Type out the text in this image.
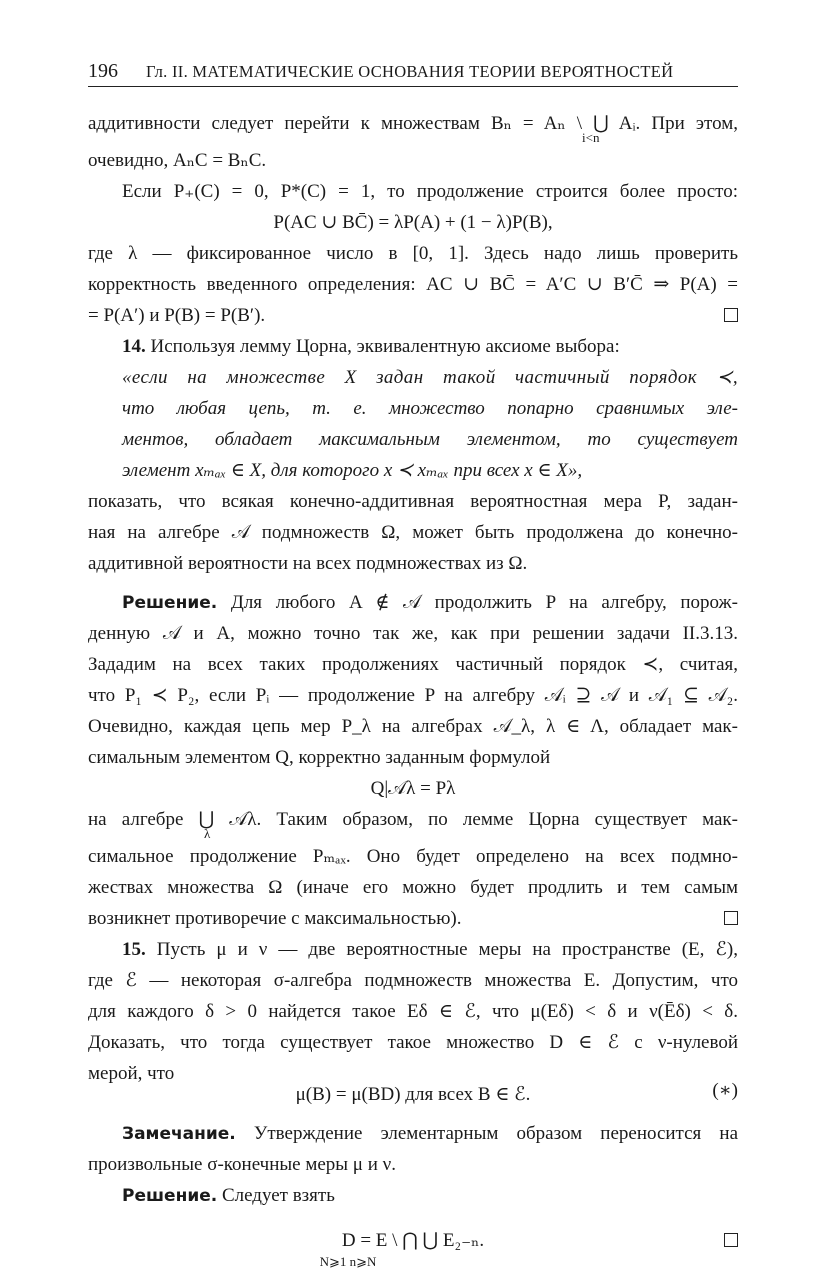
196 Гл. II. МАТЕМАТИЧЕСКИЕ ОСНОВАНИЯ ТЕОРИИ ВЕРОЯТНОСТЕЙ
аддитивности следует перейти к множествам Bₙ = Aₙ \ ⋃ Aᵢ. При этом,
i<n
очевидно, AₙC = BₙC.
Если P₊(C) = 0, P*(C) = 1, то продолжение строится более просто:
P(AC ∪ BC̄) = λP(A) + (1 − λ)P(B),
где λ — фиксированное число в [0, 1]. Здесь надо лишь проверить
корректность введенного определения: AC ∪ BC̄ = A′C ∪ B′C̄ ⇒ P(A) =
= P(A′) и P(B) = P(B′).
14. Используя лемму Цорна, эквивалентную аксиоме выбора:
«если на множестве X задан такой частичный порядок ≺,
что любая цепь, т. е. множество попарно сравнимых эле-
ментов, обладает максимальным элементом, то существует
элемент xₘₐₓ ∈ X, для которого x ≺ xₘₐₓ при всех x ∈ X»,
показать, что всякая конечно-аддитивная вероятностная мера P, задан-
ная на алгебре 𝒜 подмножеств Ω, может быть продолжена до конечно-
аддитивной вероятности на всех подмножествах из Ω.
Решение. Для любого A ∉ 𝒜 продолжить P на алгебру, порож-
денную 𝒜 и A, можно точно так же, как при решении задачи II.3.13.
Зададим на всех таких продолжениях частичный порядок ≺, считая,
что P₁ ≺ P₂, если Pᵢ — продолжение P на алгебру 𝒜ᵢ ⊇ 𝒜 и 𝒜₁ ⊆ 𝒜₂.
Очевидно, каждая цепь мер P_λ на алгебрах 𝒜_λ, λ ∈ Λ, обладает мак-
симальным элементом Q, корректно заданным формулой
Q|𝒜λ = Pλ
на алгебре ⋃ 𝒜λ. Таким образом, по лемме Цорна существует мак-
λ
симальное продолжение Pₘₐₓ. Оно будет определено на всех подмно-
жествах множества Ω (иначе его можно будет продлить и тем самым
возникнет противоречие с максимальностью).
15. Пусть μ и ν — две вероятностные меры на пространстве (E, ℰ),
где ℰ — некоторая σ-алгебра подмножеств множества E. Допустим, что
для каждого δ > 0 найдется такое Eδ ∈ ℰ, что μ(Eδ) < δ и ν(Ēδ) < δ.
Доказать, что тогда существует такое множество D ∈ ℰ с ν-нулевой
мерой, что
μ(B) = μ(BD) для всех B ∈ ℰ.	(∗)
Замечание. Утверждение элементарным образом переносится на
произвольные σ-конечные меры μ и ν.
Решение. Следует взять
D = E \ ⋂ ⋃ E₂₋ₙ.
N⩾1 n⩾N
